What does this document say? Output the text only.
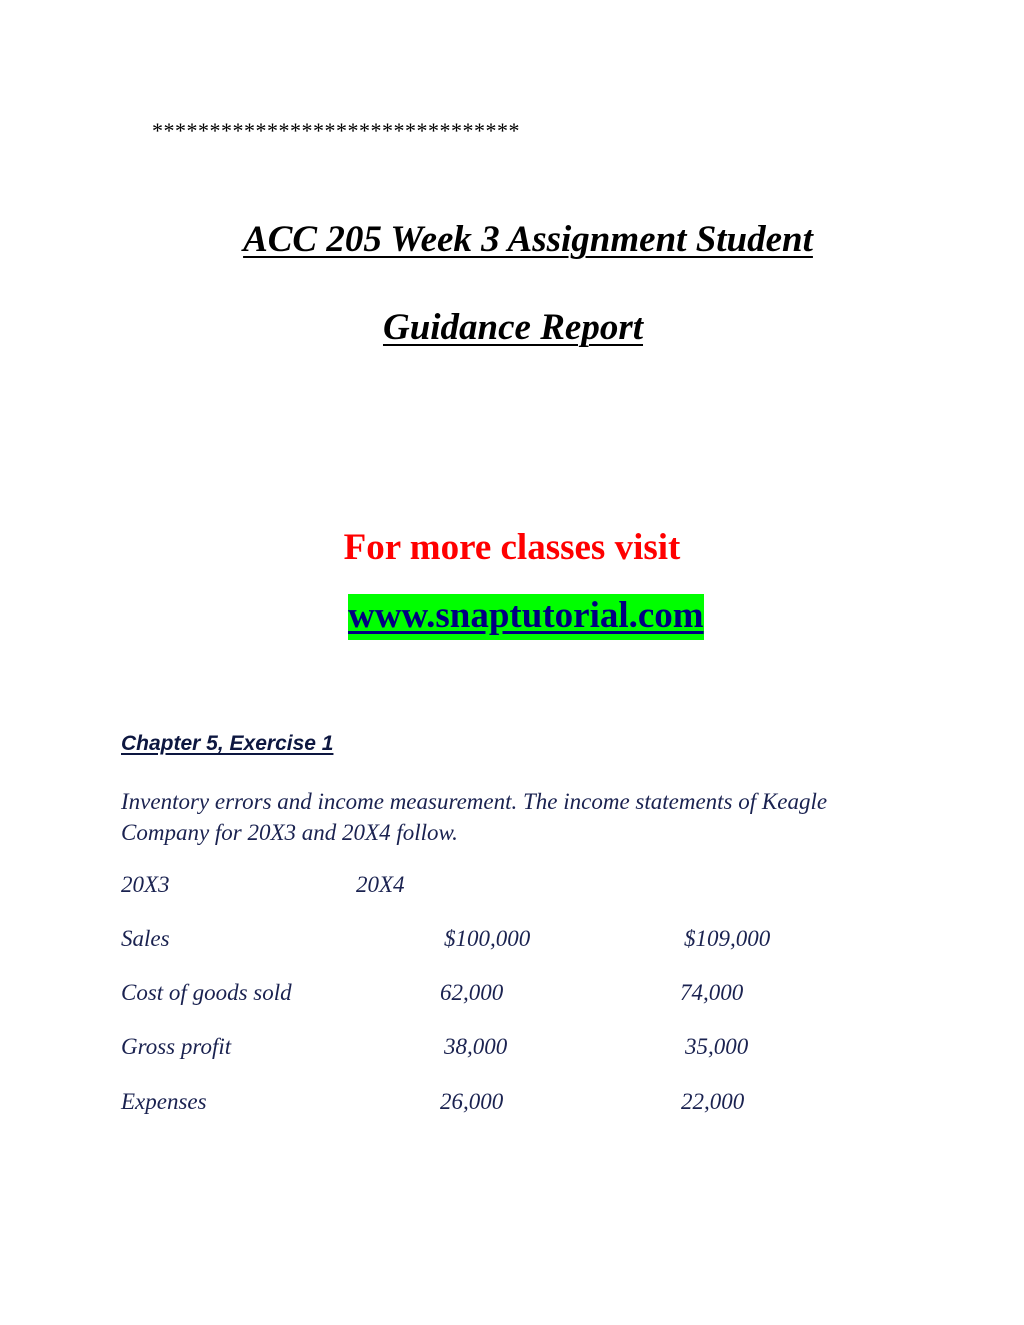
********************************
ACC 205 Week 3 Assignment Student
Guidance Report
For more classes visit
www.snaptutorial.com
Chapter 5, Exercise 1
Inventory errors and income measurement. The income statements of Keagle Company for 20X3 and 20X4 follow.
20X3	20X4
Sales	$100,000	$109,000
Cost of goods sold	62,000	74,000
Gross profit	38,000	35,000
Expenses	26,000	22,000
